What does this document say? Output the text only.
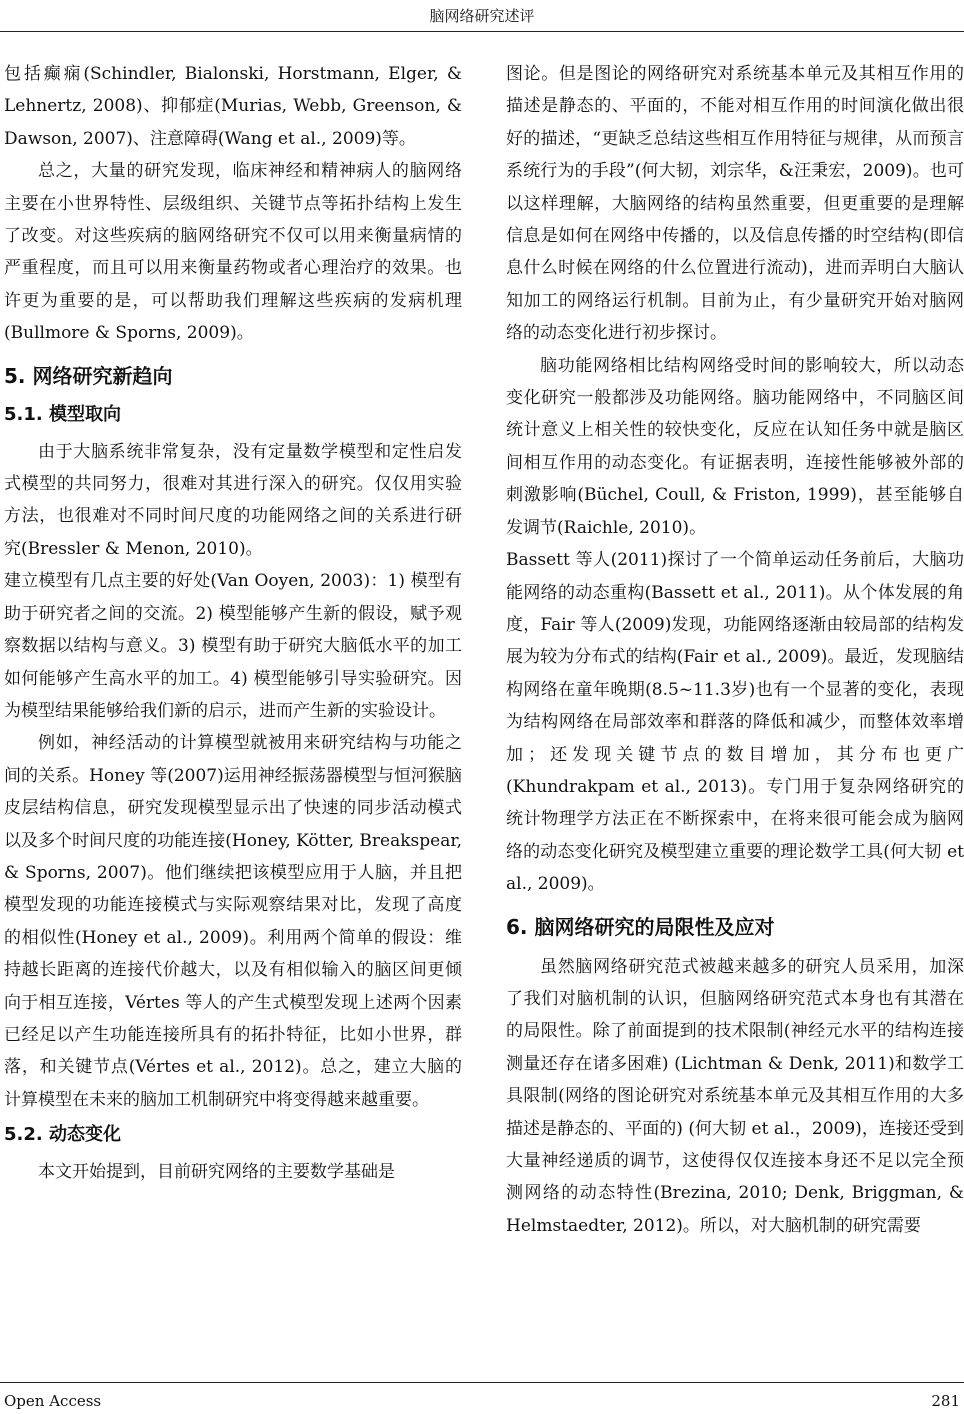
脑网络研究述评

包括癫痫(Schindler, Bialonski, Horstmann, Elger, & Lehnertz, 2008)、抑郁症(Murias, Webb, Greenson, & Dawson, 2007)、注意障碍(Wang et al., 2009)等。

总之，大量的研究发现，临床神经和精神病人的脑网络主要在小世界特性、层级组织、关键节点等拓扑结构上发生了改变。对这些疾病的脑网络研究不仅可以用来衡量病情的严重程度，而且可以用来衡量药物或者心理治疗的效果。也许更为重要的是，可以帮助我们理解这些疾病的发病机理(Bullmore & Sporns, 2009)。

5. 网络研究新趋向
5.1. 模型取向

由于大脑系统非常复杂，没有定量数学模型和定性启发式模型的共同努力，很难对其进行深入的研究。仅仅用实验方法，也很难对不同时间尺度的功能网络之间的关系进行研究(Bressler & Menon, 2010)。

建立模型有几点主要的好处(Van Ooyen, 2003)：1) 模型有助于研究者之间的交流。2) 模型能够产生新的假设，赋予观察数据以结构与意义。3) 模型有助于研究大脑低水平的加工如何能够产生高水平的加工。4) 模型能够引导实验研究。因为模型结果能够给我们新的启示，进而产生新的实验设计。

例如，神经活动的计算模型就被用来研究结构与功能之间的关系。Honey 等(2007)运用神经振荡器模型与恒河猴脑皮层结构信息，研究发现模型显示出了快速的同步活动模式以及多个时间尺度的功能连接(Honey, Kötter, Breakspear, & Sporns, 2007)。他们继续把该模型应用于人脑，并且把模型发现的功能连接模式与实际观察结果对比，发现了高度的相似性(Honey et al., 2009)。利用两个简单的假设：维持越长距离的连接代价越大，以及有相似输入的脑区间更倾向于相互连接，Vértes 等人的产生式模型发现上述两个因素已经足以产生功能连接所具有的拓扑特征，比如小世界，群落，和关键节点(Vértes et al., 2012)。总之，建立大脑的计算模型在未来的脑加工机制研究中将变得越来越重要。

5.2. 动态变化

本文开始提到，目前研究网络的主要数学基础是

图论。但是图论的网络研究对系统基本单元及其相互作用的描述是静态的、平面的，不能对相互作用的时间演化做出很好的描述，“更缺乏总结这些相互作用特征与规律，从而预言系统行为的手段”(何大韧，刘宗华，&汪秉宏，2009)。也可以这样理解，大脑网络的结构虽然重要，但更重要的是理解信息是如何在网络中传播的，以及信息传播的时空结构(即信息什么时候在网络的什么位置进行流动)，进而弄明白大脑认知加工的网络运行机制。目前为止，有少量研究开始对脑网络的动态变化进行初步探讨。

脑功能网络相比结构网络受时间的影响较大，所以动态变化研究一般都涉及功能网络。脑功能网络中，不同脑区间统计意义上相关性的较快变化，反应在认知任务中就是脑区间相互作用的动态变化。有证据表明，连接性能够被外部的刺激影响(Büchel, Coull, & Friston, 1999)，甚至能够自发调节(Raichle, 2010)。

Bassett 等人(2011)探讨了一个简单运动任务前后，大脑功能网络的动态重构(Bassett et al., 2011)。从个体发展的角度，Fair 等人(2009)发现，功能网络逐渐由较局部的结构发展为较为分布式的结构(Fair et al., 2009)。最近，发现脑结构网络在童年晚期(8.5~11.3岁)也有一个显著的变化，表现为结构网络在局部效率和群落的降低和减少，而整体效率增加；还发现关键节点的数目增加，其分布也更广(Khundrakpam et al., 2013)。专门用于复杂网络研究的统计物理学方法正在不断探索中，在将来很可能会成为脑网络的动态变化研究及模型建立重要的理论数学工具(何大韧 et al., 2009)。

6. 脑网络研究的局限性及应对

虽然脑网络研究范式被越来越多的研究人员采用，加深了我们对脑机制的认识，但脑网络研究范式本身也有其潜在的局限性。除了前面提到的技术限制(神经元水平的结构连接测量还存在诸多困难) (Lichtman & Denk, 2011)和数学工具限制(网络的图论研究对系统基本单元及其相互作用的大多描述是静态的、平面的) (何大韧 et al.，2009)，连接还受到大量神经递质的调节，这使得仅仅连接本身还不足以完全预测网络的动态特性(Brezina, 2010; Denk, Briggman, & Helmstaedter, 2012)。所以，对大脑机制的研究需要

Open Access	281
